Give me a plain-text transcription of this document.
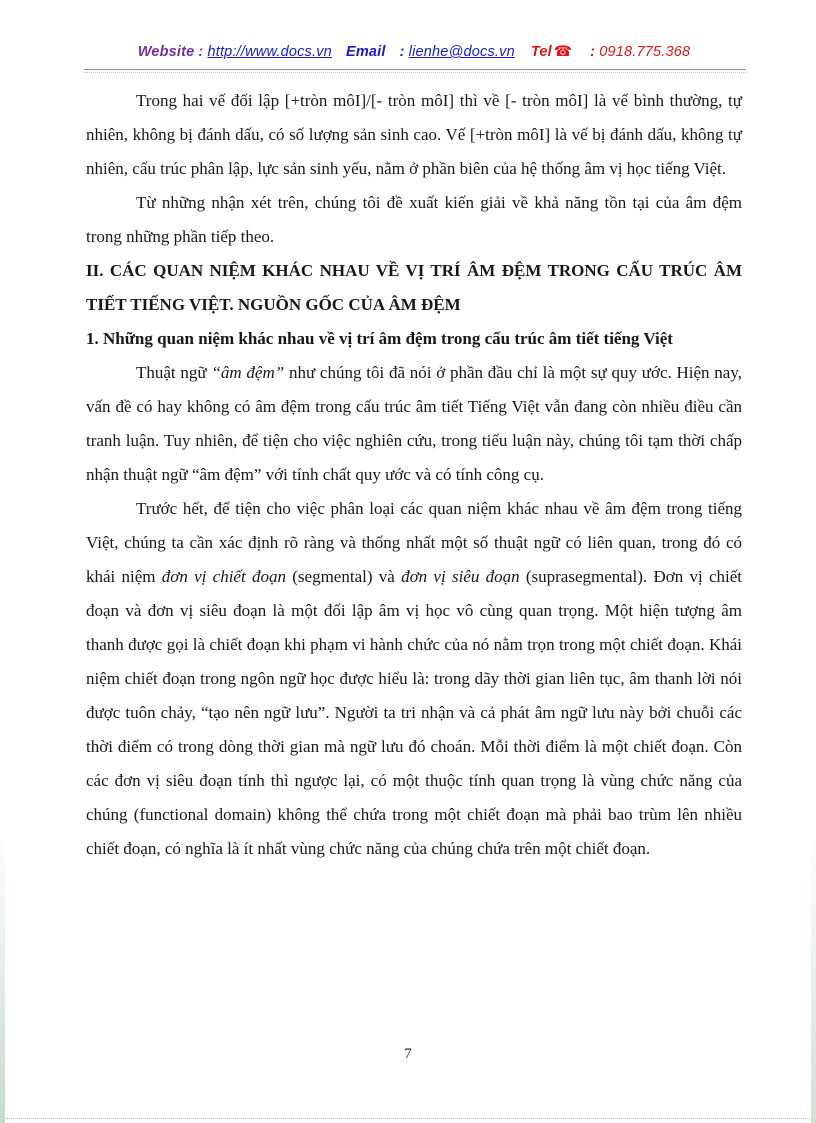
Website : http://www.docs.vn Email : lienhe@docs.vn Tel ☎ : 0918.775.368

Trong hai vế đối lập [+tròn môI]/[- tròn môI] thì về [- tròn môI] là vế bình thường, tự nhiên, không bị đánh dấu, có số lượng sản sinh cao. Vế [+tròn môI] là vế bị đánh dấu, không tự nhiên, cấu trúc phân lập, lực sản sinh yếu, nằm ở phần biên của hệ thống âm vị học tiếng Việt.

Từ những nhận xét trên, chúng tôi đề xuất kiến giải về khả năng tồn tại của âm đệm trong những phần tiếp theo.

II. CÁC QUAN NIỆM KHÁC NHAU VỀ VỊ TRÍ ÂM ĐỆM TRONG CẤU TRÚC ÂM TIẾT TIẾNG VIỆT. NGUỒN GỐC CỦA ÂM ĐỆM

1. Những quan niệm khác nhau về vị trí âm đệm trong cấu trúc âm tiết tiếng Việt

Thuật ngữ “âm đệm” như chúng tôi đã nói ở phần đầu chỉ là một sự quy ước. Hiện nay, vấn đề có hay không có âm đệm trong cấu trúc âm tiết Tiếng Việt vẫn đang còn nhiều điều cần tranh luận. Tuy nhiên, để tiện cho việc nghiên cứu, trong tiểu luận này, chúng tôi tạm thời chấp nhận thuật ngữ “âm đệm” với tính chất quy ước và có tính công cụ.

Trước hết, để tiện cho việc phân loại các quan niệm khác nhau về âm đệm trong tiếng Việt, chúng ta cần xác định rõ ràng và thống nhất một số thuật ngữ có liên quan, trong đó có khái niệm đơn vị chiết đoạn (segmental) và đơn vị siêu đoạn (suprasegmental). Đơn vị chiết đoạn và đơn vị siêu đoạn là một đối lập âm vị học vô cùng quan trọng. Một hiện tượng âm thanh được gọi là chiết đoạn khi phạm vi hành chức của nó nằm trọn trong một chiết đoạn. Khái niệm chiết đoạn trong ngôn ngữ học được hiểu là: trong dãy thời gian liên tục, âm thanh lời nói được tuôn chảy, “tạo nên ngữ lưu”. Người ta tri nhận và cả phát âm ngữ lưu này bởi chuỗi các thời điểm có trong dòng thời gian mà ngữ lưu đó choán. Mỗi thời điểm là một chiết đoạn. Còn các đơn vị siêu đoạn tính thì ngược lại, có một thuộc tính quan trọng là vùng chức năng của chúng (functional domain) không thể chứa trong một chiết đoạn mà phải bao trùm lên nhiều chiết đoạn, có nghĩa là ít nhất vùng chức năng của chúng chứa trên một chiết đoạn.

7
